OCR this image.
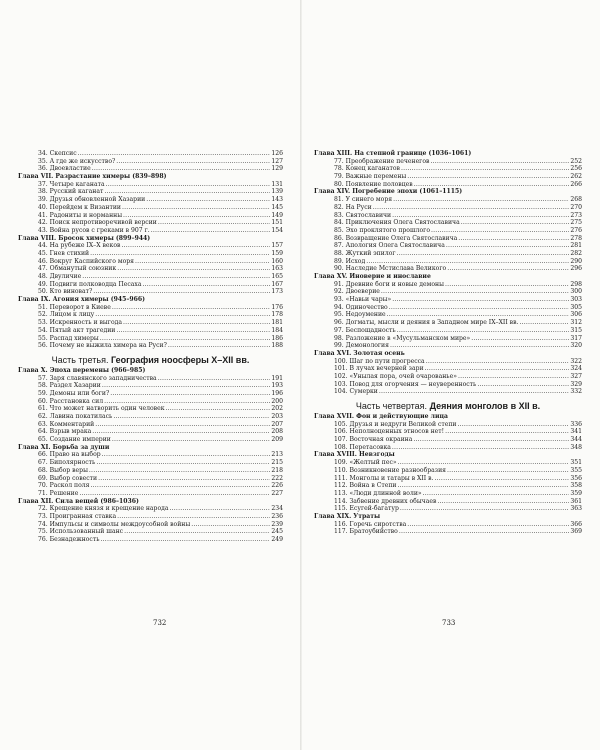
34. Скепсис .....	126
35. А где же искусство? .....	127
36. Двоевластие .....	129
Глава VII. Разрастание химеры (839–898)
37. Четыре каганата .....	131
38. Русский каганат .....	139
39. Друзья обновленной Хазарии .....	143
40. Перейдем к Византии .....	145
41. Радониты и норманны .....	149
42. Поиск непротиворечивой версии .....	151
43. Война русов с греками в 907 г. .....	154
Глава VIII. Бросок химеры (899–944)
44. На рубеже IX–X веков .....	157
45. Гнев стихий .....	159
46. Вокруг Каспийского моря .....	160
47. Обманутый союзник .....	163
48. Двуличие .....	165
49. Подвиги полководца Песаха .....	167
50. Кто виноват? .....	173
Глава IX. Агония химеры (945–966)
51. Переворот в Киеве .....	176
52. Лицом к лицу .....	178
53. Искренность и выгода .....	181
54. Пятый акт трагедии .....	184
55. Распад химеры .....	186
56. Почему не выжила химера на Руси? .....	188
Часть третья. География ноосферы X–XII вв.
Глава X. Эпоха перемены (966–985)
57. Заря славянского западничества .....	191
58. Раздел Хазарии .....	193
59. Демоны или боги? .....	196
60. Расстановка сил .....	200
61. Что может натворить один человек .....	202
62. Лавина покатилась .....	203
63. Комментарий .....	207
64. Взрыв мрака .....	208
65. Создание империи .....	209
Глава XI. Борьба за души
66. Право на выбор .....	213
67. Биполярность .....	215
68. Выбор веры .....	218
69. Выбор совести .....	222
70. Раскол поля .....	226
71. Решение .....	227
Глава XII. Сила вещей (986–1036)
72. Крещение князя и крещение народа .....	234
73. Проигранная ставка .....	236
74. Импульсы и символы междоусобной войны .....	239
75. Использованный шанс .....	245
76. Безнадежность .....	249
Глава XIII. На степной границе (1036–1061)
77. Преображение печенегов .....	252
78. Конец каганатов .....	256
79. Важные перемены .....	262
80. Появление половцев .....	266
Глава XIV. Погребение эпохи (1061–1115)
81. У синего моря .....	268
82. На Руси .....	270
83. Святославичи .....	273
84. Приключения Олега Святославича .....	275
85. Эхо проклятого прошлого .....	276
86. Возвращение Олега Святославича .....	278
87. Апология Олега Святославича .....	281
88. Жуткий эпилог .....	282
89. Исход .....	290
90. Наследие Мстислава Великого .....	296
Глава XV. Иноверие и инославие
91. Древние боги и новые демоны .....	298
92. Двоеверие .....	300
93. «Навьи чары» .....	303
94. Одиночество .....	305
95. Недоумение .....	306
96. Догматы, мысли и деяния в Западном мире IX–XII вв. .....	312
97. Беспощадность .....	315
98. Разложение в «Мусульманском мире» .....	317
99. Демонология .....	320
Глава XVI. Золотая осень
100. Шаг по пути прогресса .....	322
101. В лучах вечерней зари .....	324
102. «Унылая пора, очей очарованье» .....	327
103. Повод для огорчения — неуверенность .....	329
104. Сумерки .....	332
Часть четвертая. Деяния монголов в XII в.
Глава XVII. Фон и действующие лица
105. Друзья и недруги Великой степи .....	336
106. Неполноценных этносов нет! .....	341
107. Восточная окраина .....	344
108. Перетасовка .....	348
Глава XVIII. Невзгоды
109. «Желтый пес» .....	351
110. Возникновение разнообразия .....	355
111. Монголы и татары в XII в. .....	356
112. Война в Степи .....	358
113. «Люди длинной воли» .....	359
114. Забвение древних обычаев .....	361
115. Есугей-багатур .....	363
Глава XIX. Утраты
116. Горечь сиротства .....	366
117. Братоубийство .....	369
732	733
